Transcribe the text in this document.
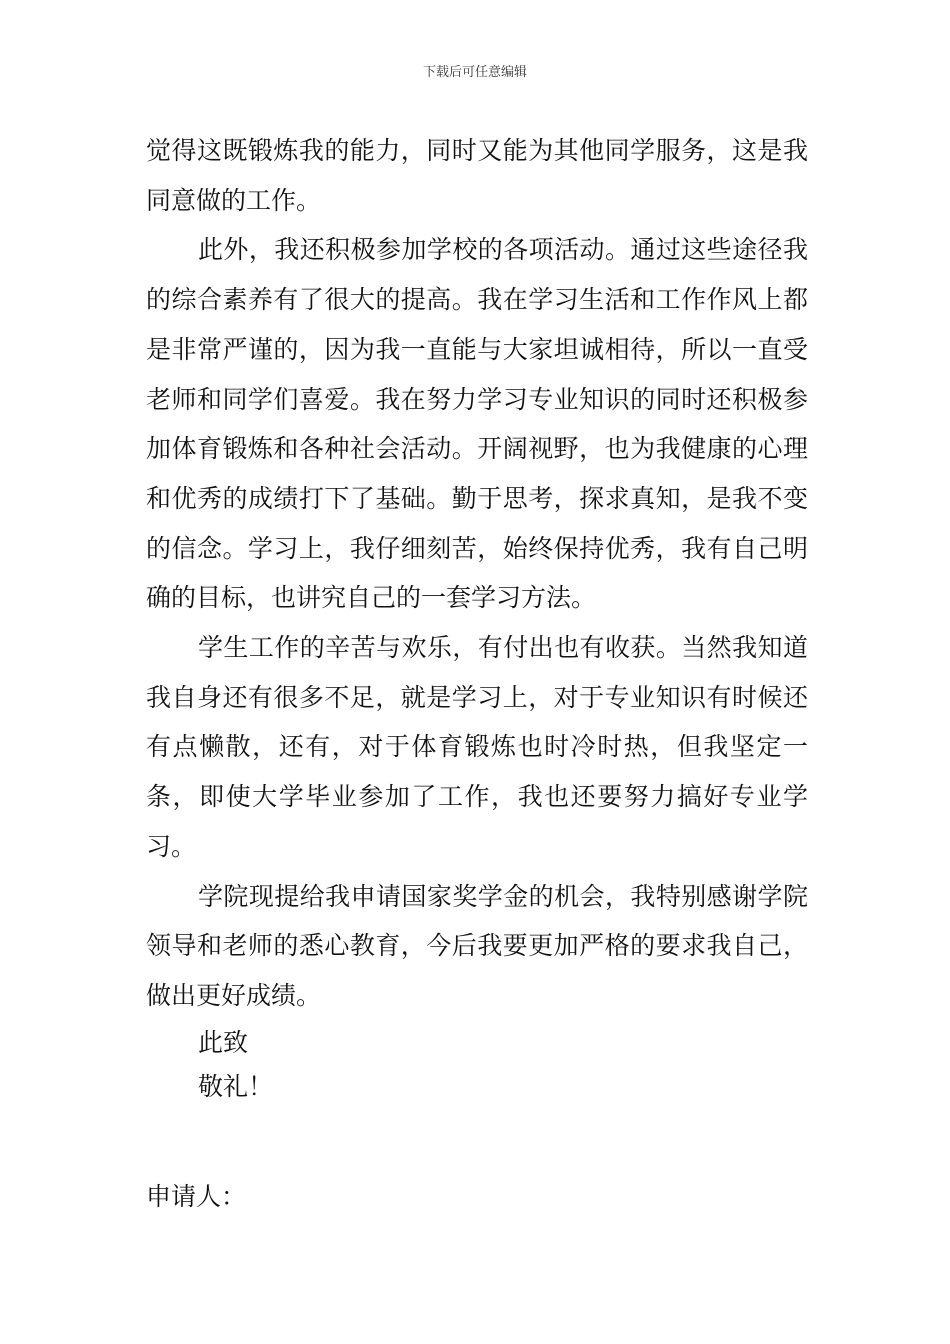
下载后可任意编辑

觉得这既锻炼我的能力，同时又能为其他同学服务，这是我同意做的工作。

此外，我还积极参加学校的各项活动。通过这些途径我的综合素养有了很大的提高。我在学习生活和工作作风上都是非常严谨的，因为我一直能与大家坦诚相待，所以一直受老师和同学们喜爱。我在努力学习专业知识的同时还积极参加体育锻炼和各种社会活动。开阔视野，也为我健康的心理和优秀的成绩打下了基础。勤于思考，探求真知，是我不变的信念。学习上，我仔细刻苦，始终保持优秀，我有自己明确的目标，也讲究自己的一套学习方法。

学生工作的辛苦与欢乐，有付出也有收获。当然我知道我自身还有很多不足，就是学习上，对于专业知识有时候还有点懒散，还有，对于体育锻炼也时冷时热，但我坚定一条，即使大学毕业参加了工作，我也还要努力搞好专业学习。

学院现提给我申请国家奖学金的机会，我特别感谢学院领导和老师的悉心教育，今后我要更加严格的要求我自己，做出更好成绩。

此致

敬礼！

申请人：
